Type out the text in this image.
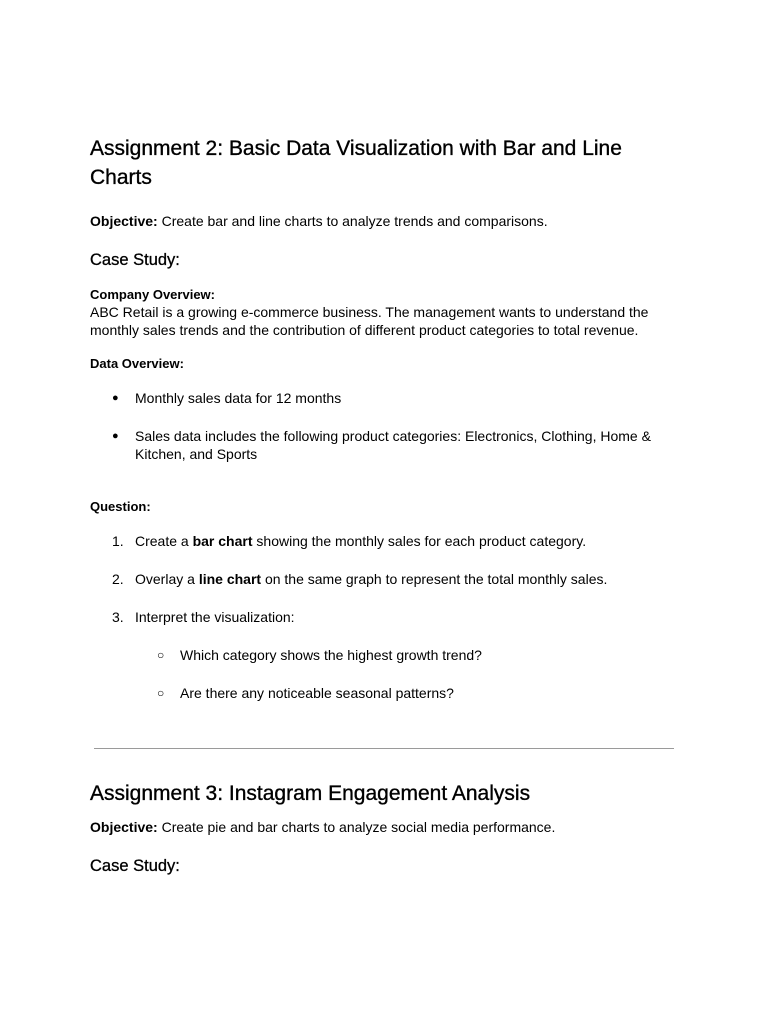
Assignment 2: Basic Data Visualization with Bar and Line Charts

Objective: Create bar and line charts to analyze trends and comparisons.

Case Study:

Company Overview:

ABC Retail is a growing e-commerce business. The management wants to understand the monthly sales trends and the contribution of different product categories to total revenue.

Data Overview:

● Monthly sales data for 12 months
● Sales data includes the following product categories: Electronics, Clothing, Home & Kitchen, and Sports

Question:

1. Create a bar chart showing the monthly sales for each product category.
2. Overlay a line chart on the same graph to represent the total monthly sales.
3. Interpret the visualization:
○ Which category shows the highest growth trend?
○ Are there any noticeable seasonal patterns?
Assignment 3: Instagram Engagement Analysis

Objective: Create pie and bar charts to analyze social media performance.

Case Study:
